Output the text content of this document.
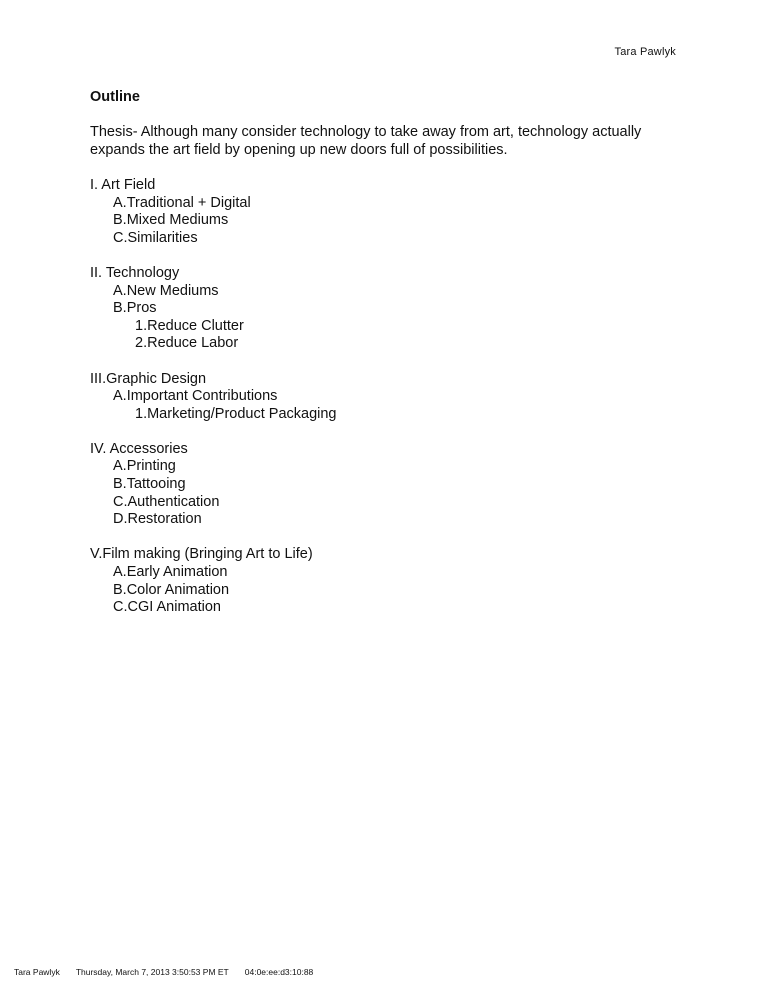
Tara Pawlyk
Outline
Thesis- Although many consider technology to take away from art, technology actually expands the art field by opening up new doors full of possibilities.
I. Art Field
A.Traditional + Digital
B.Mixed Mediums
C.Similarities
II. Technology
A.New Mediums
B.Pros
1.Reduce Clutter
2.Reduce Labor
III.Graphic Design
A.Important Contributions
1.Marketing/Product Packaging
IV. Accessories
A.Printing
B.Tattooing
C.Authentication
D.Restoration
V.Film making (Bringing Art to Life)
A.Early Animation
B.Color Animation
C.CGI Animation
Tara Pawlyk Thursday, March 7, 2013 3:50:53 PM ET 04:0e:ee:d3:10:88
